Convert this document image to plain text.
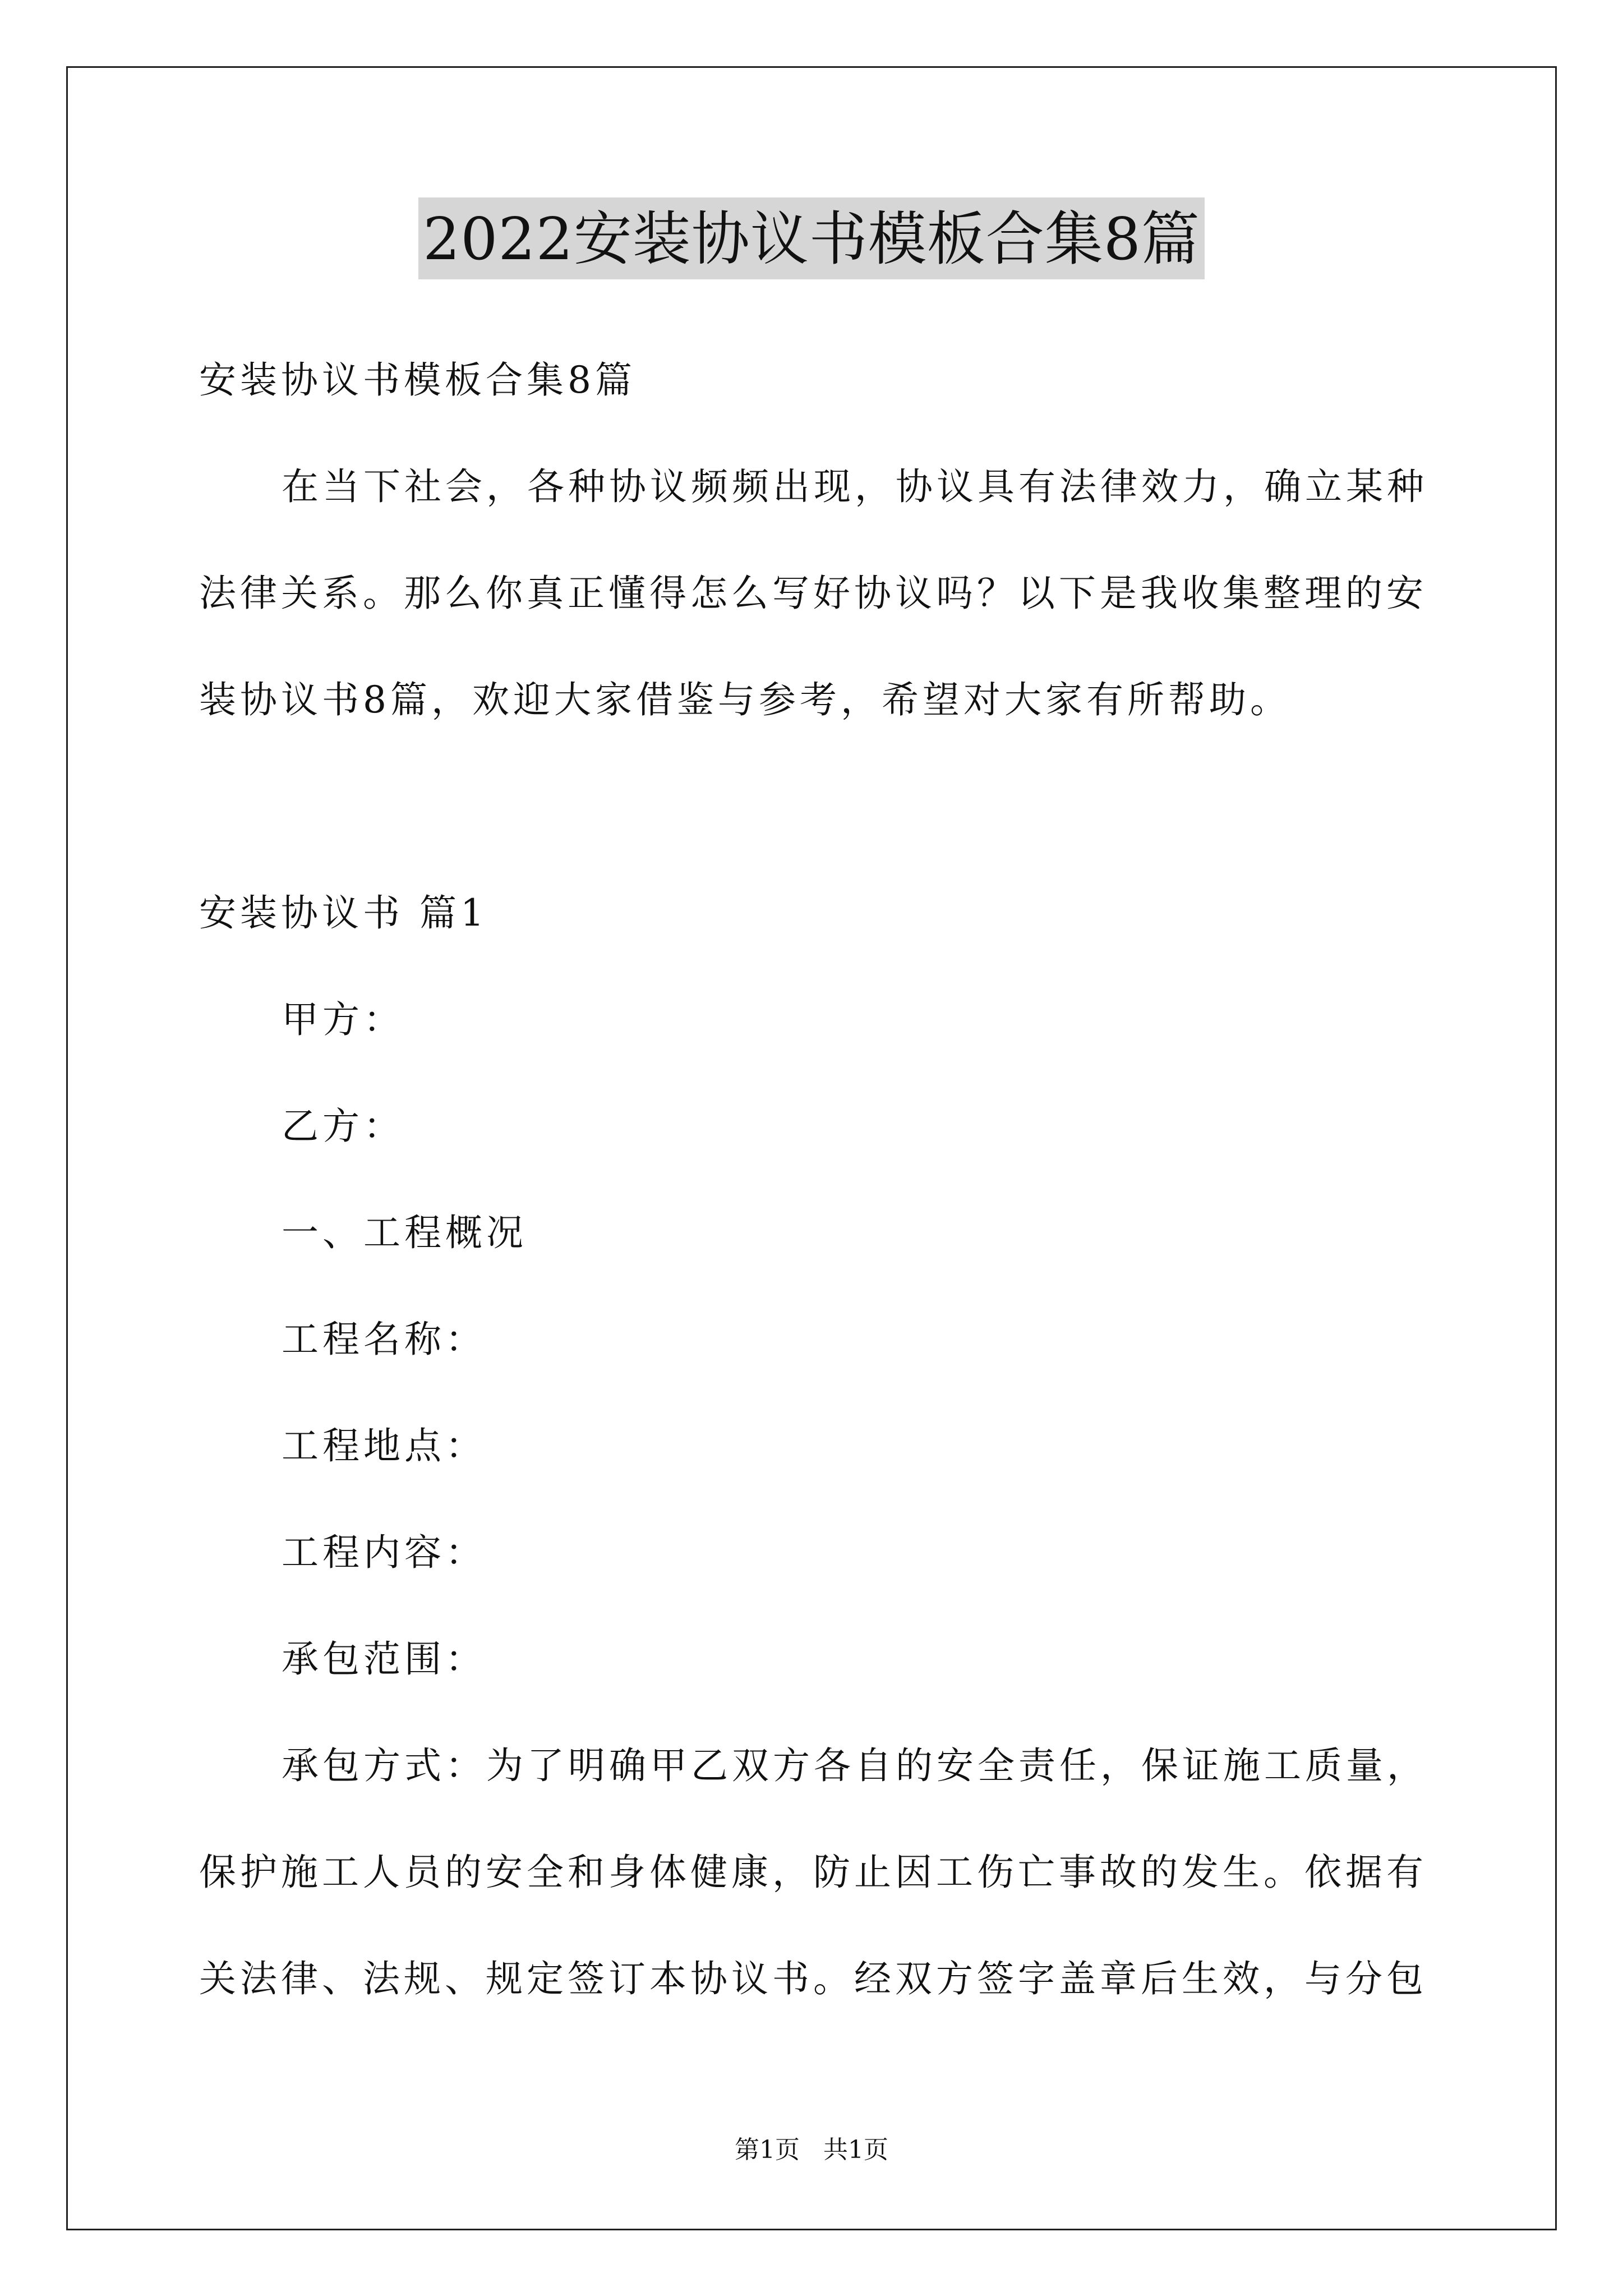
2022安装协议书模板合集8篇
安装协议书模板合集8篇
在当下社会，各种协议频频出现，协议具有法律效力，确立某种
法律关系。那么你真正懂得怎么写好协议吗？以下是我收集整理的安
装协议书8篇，欢迎大家借鉴与参考，希望对大家有所帮助。
安装协议书 篇1
甲方：
乙方：
一、工程概况
工程名称：
工程地点：
工程内容：
承包范围：
承包方式：为了明确甲乙双方各自的安全责任，保证施工质量，
保护施工人员的安全和身体健康，防止因工伤亡事故的发生。依据有
关法律、法规、规定签订本协议书。经双方签字盖章后生效，与分包
第1页   共1页
